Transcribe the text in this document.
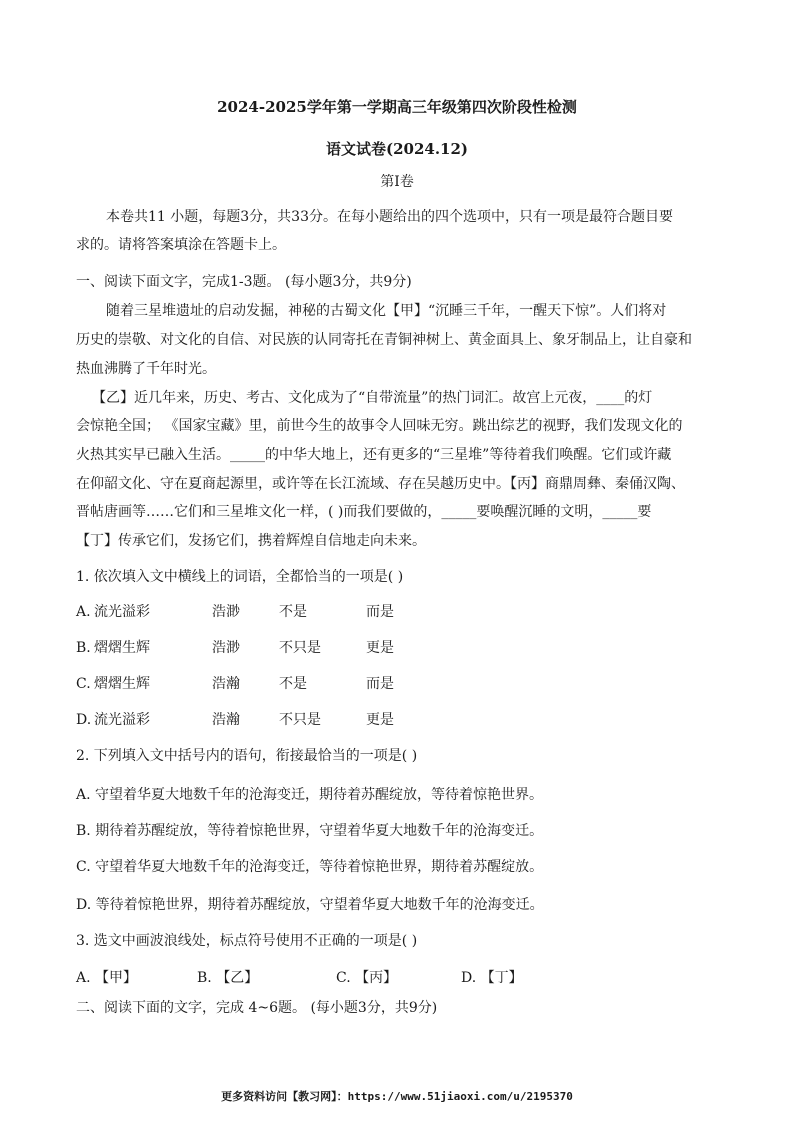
2024-2025学年第一学期高三年级第四次阶段性检测
语文试卷(2024.12)
第Ⅰ卷
本卷共11 小题，每题3分，共33分。在每小题给出的四个选项中，只有一项是最符合题目要
求的。请将答案填涂在答题卡上。
一、阅读下面文字，完成1-3题。 (每小题3分，共9分)
随着三星堆遗址的启动发掘，神秘的古蜀文化【甲】“沉睡三千年，一醒天下惊”。人们将对
历史的崇敬、对文化的自信、对民族的认同寄托在青铜神树上、黄金面具上、象牙制品上，让自豪和
热血沸腾了千年时光。
【乙】近几年来，历史、考古、文化成为了“自带流量”的热门词汇。故宫上元夜，____的灯
会惊艳全国； 《国家宝藏》里，前世今生的故事令人回味无穷。跳出综艺的视野，我们发现文化的
火热其实早已融入生活。_____的中华大地上，还有更多的“三星堆”等待着我们唤醒。它们或许藏
在仰韶文化、守在夏商起源里，或许等在长江流域、存在吴越历史中。【丙】商鼎周彝、秦俑汉陶、
晋帖唐画等……它们和三星堆文化一样，( )而我们要做的，_____要唤醒沉睡的文明，_____要
【丁】传承它们，发扬它们，携着辉煌自信地走向未来。
1. 依次填入文中横线上的词语，全都恰当的一项是( )
A. 流光溢彩	浩渺	不是	而是
B. 熠熠生辉	浩渺	不只是	更是
C. 熠熠生辉	浩瀚	不是	而是
D. 流光溢彩	浩瀚	不只是	更是
2. 下列填入文中括号内的语句，衔接最恰当的一项是( )
A. 守望着华夏大地数千年的沧海变迁，期待着苏醒绽放，等待着惊艳世界。
B. 期待着苏醒绽放，等待着惊艳世界，守望着华夏大地数千年的沧海变迁。
C. 守望着华夏大地数千年的沧海变迁，等待着惊艳世界，期待着苏醒绽放。
D. 等待着惊艳世界，期待着苏醒绽放，守望着华夏大地数千年的沧海变迁。
3. 选文中画波浪线处，标点符号使用不正确的一项是( )
A. 【甲】	B. 【乙】	C. 【丙】	D. 【丁】
二、阅读下面的文字，完成 4~6题。 (每小题3分，共9分)
更多资料访问【教习网】：https://www.51jiaoxi.com/u/2195370
